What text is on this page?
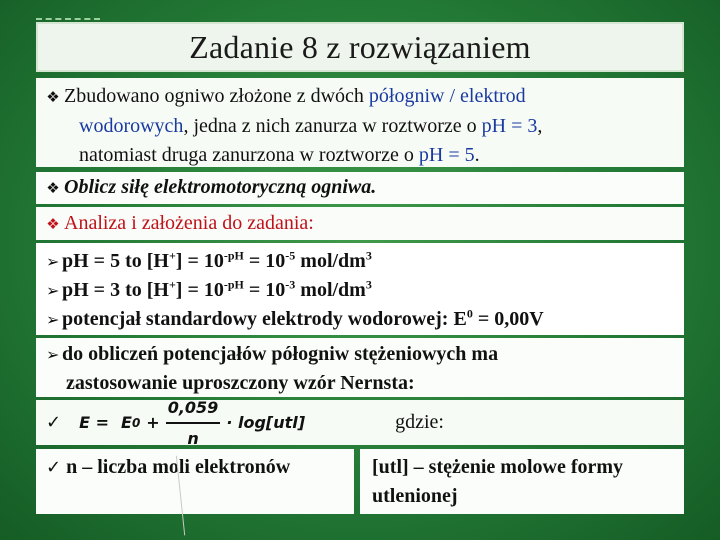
Zadanie 8 z rozwiązaniem
❖ Zbudowano ogniwo złożone z dwóch półogniw / elektrod
wodorowych, jedna z nich zanurza w roztworze o pH = 3,
natomiast druga zanurzona w roztworze o pH = 5.
❖ Oblicz siłę elektromotoryczną ogniwa.
❖ Analiza i założenia do zadania:
➢ pH = 5 to $[H^+] = 10^{-pH} = 10^{-5}$ mol/$dm^3$
➢ pH = 3 to $[H^+] = 10^{-pH} = 10^{-3}$ mol/$dm^3$
➢ potencjał standardowy elektrody wodorowej: $E^0 = 0,00V$
➢ do obliczeń potencjałów półogniw stężeniowych ma
zastosowanie uproszczony wzór Nernsta:
✓ E = E $0 + \frac{0,059}{n} \cdot \log[utl]$	gdzie:
✓ n – liczba moli elektronów	[utl] – stężenie molowe formy utlenionej
